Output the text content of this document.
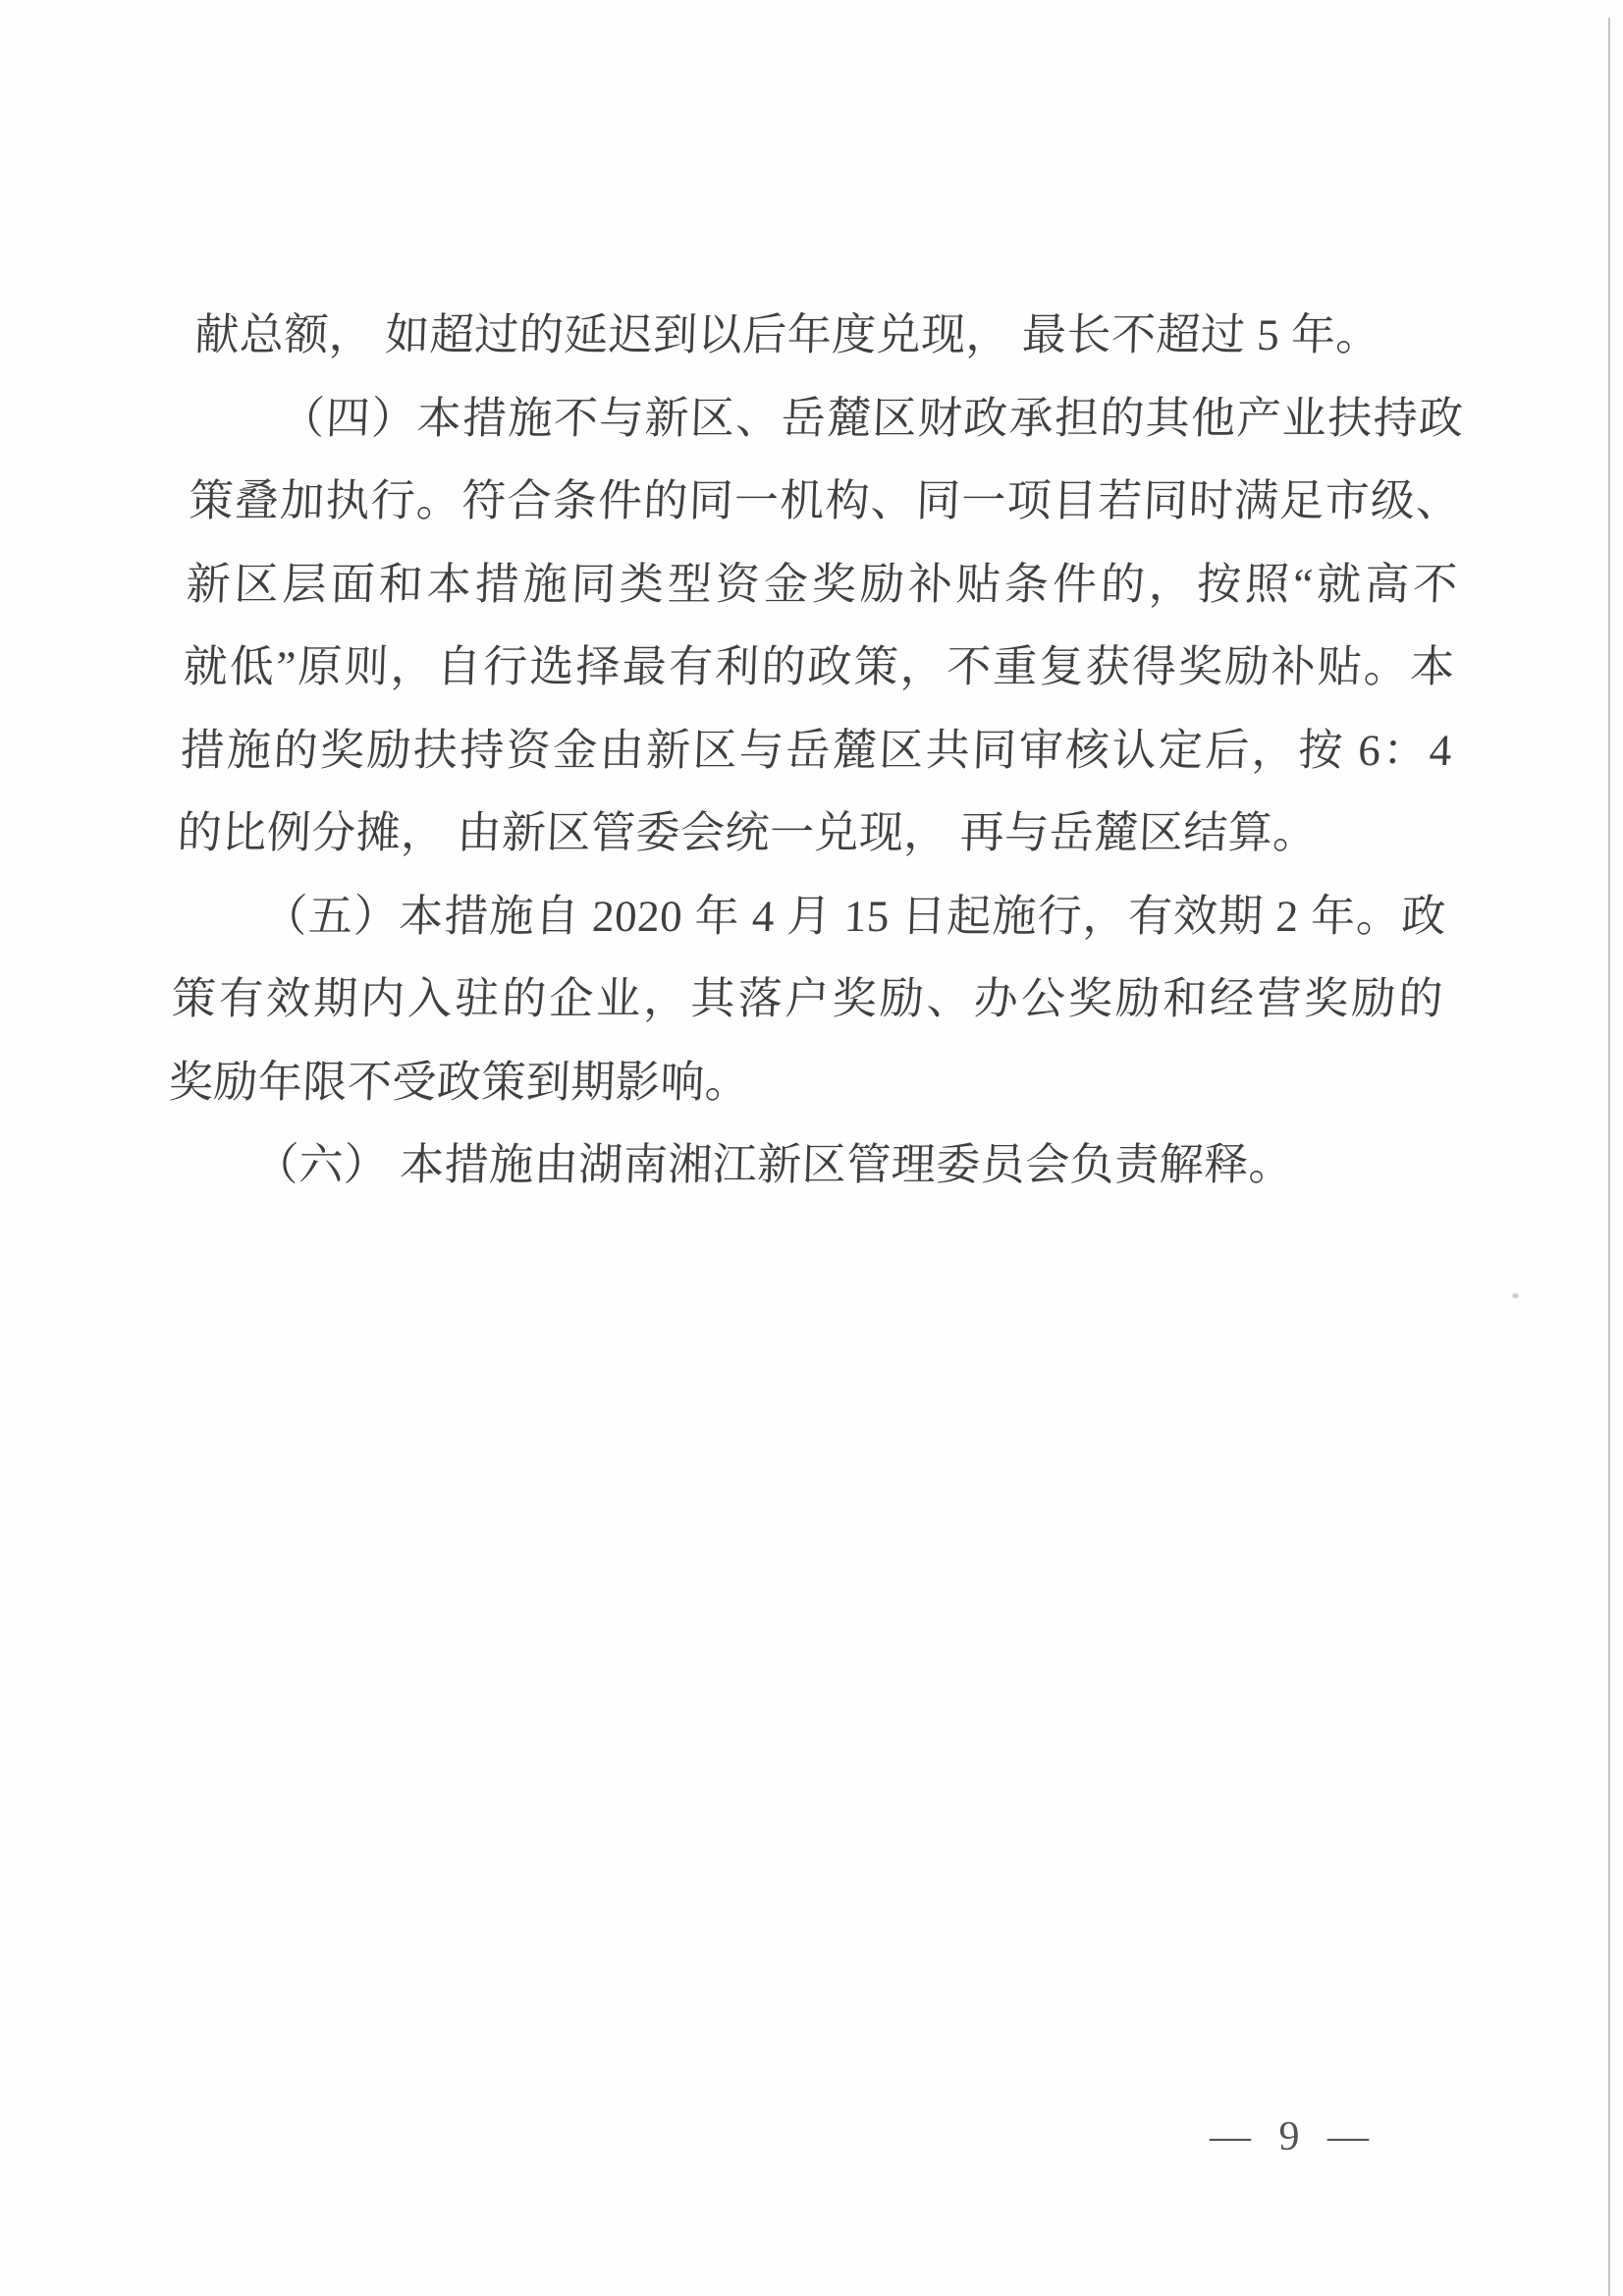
献总额， 如超过的延迟到以后年度兑现， 最长不超过 5 年。
（四）本措施不与新区、岳麓区财政承担的其他产业扶持政
策叠加执行。符合条件的同一机构、同一项目若同时满足市级、
新区层面和本措施同类型资金奖励补贴条件的，按照“就高不
就低”原则，自行选择最有利的政策，不重复获得奖励补贴。本
措施的奖励扶持资金由新区与岳麓区共同审核认定后，按 6：4
的比例分摊， 由新区管委会统一兑现， 再与岳麓区结算。
（五）本措施自 2020 年 4 月 15 日起施行，有效期 2 年。政
策有效期内入驻的企业，其落户奖励、办公奖励和经营奖励的
奖励年限不受政策到期影响。
（六） 本措施由湖南湘江新区管理委员会负责解释。
— 9 —
